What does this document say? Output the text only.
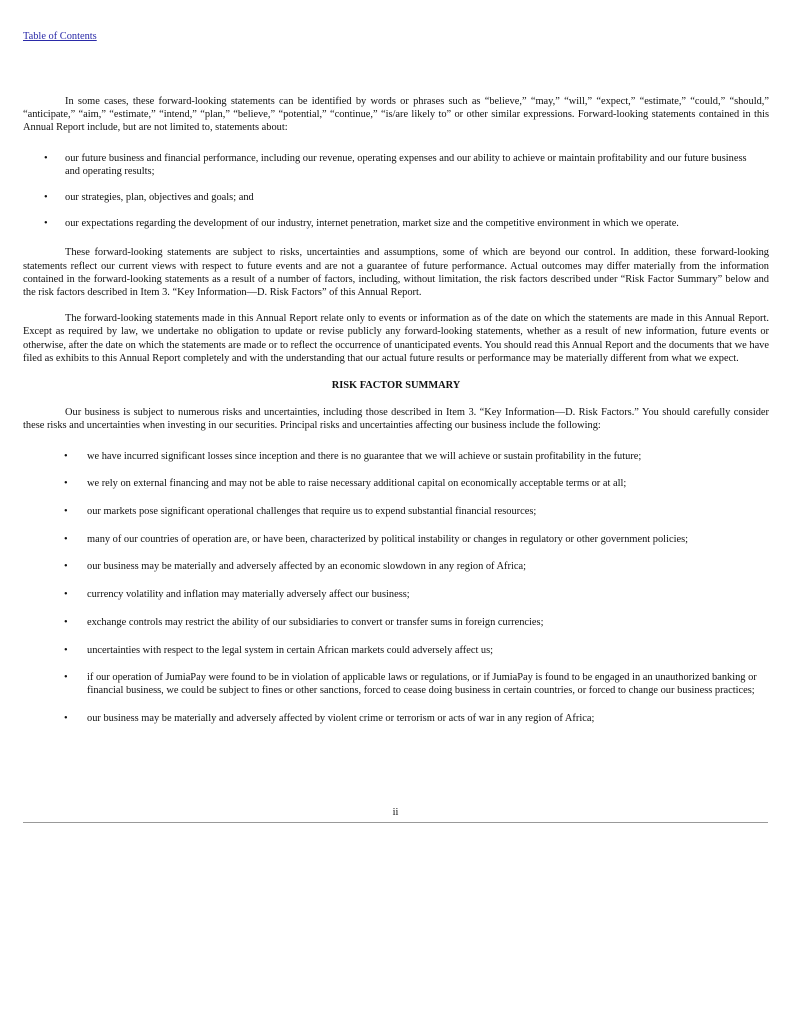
Table of Contents

In some cases, these forward-looking statements can be identified by words or phrases such as “believe,” “may,” “will,” “expect,” “estimate,” “could,” “should,” “anticipate,” “aim,” “estimate,” “intend,” “plan,” “believe,” “potential,” “continue,” “is/are likely to” or other similar expressions. Forward-looking statements contained in this Annual Report include, but are not limited to, statements about:

• our future business and financial performance, including our revenue, operating expenses and our ability to achieve or maintain profitability and our future business and operating results;
• our strategies, plan, objectives and goals; and
• our expectations regarding the development of our industry, internet penetration, market size and the competitive environment in which we operate.

These forward-looking statements are subject to risks, uncertainties and assumptions, some of which are beyond our control. In addition, these forward-looking statements reflect our current views with respect to future events and are not a guarantee of future performance. Actual outcomes may differ materially from the information contained in the forward-looking statements as a result of a number of factors, including, without limitation, the risk factors described under “Risk Factor Summary” below and the risk factors described in Item 3. “Key Information—D. Risk Factors” of this Annual Report.

The forward-looking statements made in this Annual Report relate only to events or information as of the date on which the statements are made in this Annual Report. Except as required by law, we undertake no obligation to update or revise publicly any forward-looking statements, whether as a result of new information, future events or otherwise, after the date on which the statements are made or to reflect the occurrence of unanticipated events. You should read this Annual Report and the documents that we have filed as exhibits to this Annual Report completely and with the understanding that our actual future results or performance may be materially different from what we expect.

RISK FACTOR SUMMARY

Our business is subject to numerous risks and uncertainties, including those described in Item 3. “Key Information—D. Risk Factors.” You should carefully consider these risks and uncertainties when investing in our securities. Principal risks and uncertainties affecting our business include the following:

• we have incurred significant losses since inception and there is no guarantee that we will achieve or sustain profitability in the future;
• we rely on external financing and may not be able to raise necessary additional capital on economically acceptable terms or at all;
• our markets pose significant operational challenges that require us to expend substantial financial resources;
• many of our countries of operation are, or have been, characterized by political instability or changes in regulatory or other government policies;
• our business may be materially and adversely affected by an economic slowdown in any region of Africa;
• currency volatility and inflation may materially adversely affect our business;
• exchange controls may restrict the ability of our subsidiaries to convert or transfer sums in foreign currencies;
• uncertainties with respect to the legal system in certain African markets could adversely affect us;
• if our operation of JumiaPay were found to be in violation of applicable laws or regulations, or if JumiaPay is found to be engaged in an unauthorized banking or financial business, we could be subject to fines or other sanctions, forced to cease doing business in certain countries, or forced to change our business practices;
• our business may be materially and adversely affected by violent crime or terrorism or acts of war in any region of Africa;
ii
